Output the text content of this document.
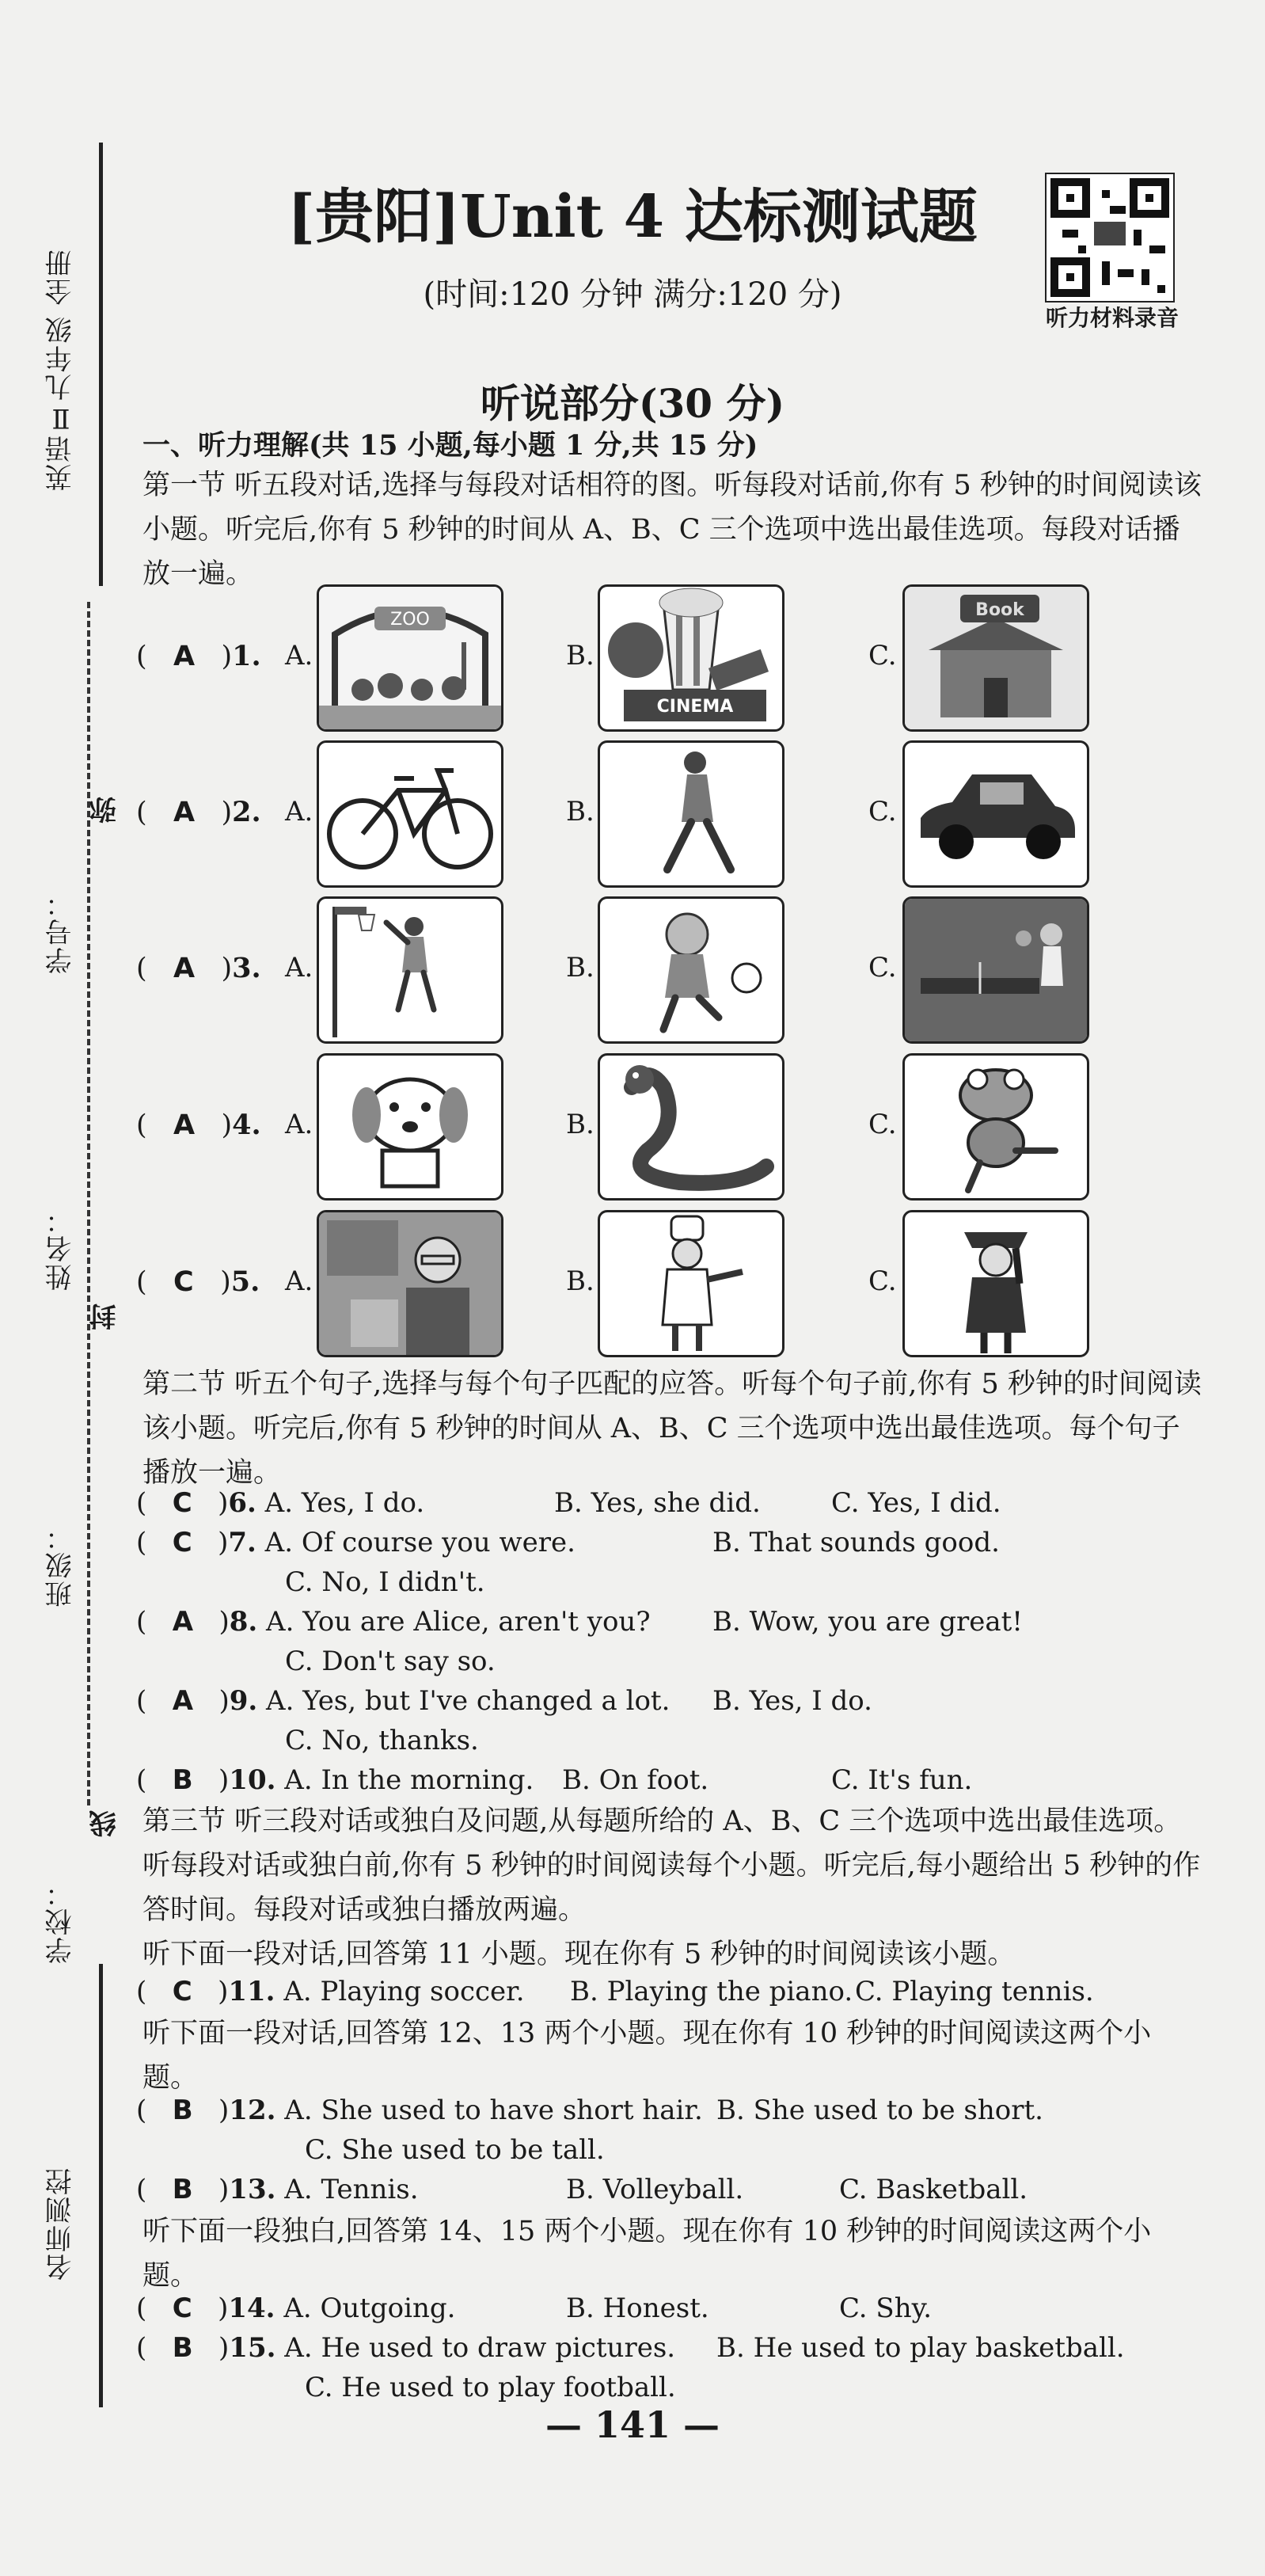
英语Ⅱ九年级 全册
学号：
姓名：
班级：
学校：
弥
封
线
名师测控
[贵阳]Unit 4 达标测试题
(时间:120 分钟 满分:120 分)
听力材料录音
听说部分(30 分)
一、听力理解(共 15 小题,每小题 1 分,共 15 分)
第一节 听五段对话,选择与每段对话相符的图。听每段对话前,你有 5 秒钟的时间阅读该小题。听完后,你有 5 秒钟的时间从 A、B、C 三个选项中选出最佳选项。每段对话播放一遍。
(   A   )1. A.
ZOO
B.
CINEMA
C.
Book
(   A   )2. A.	B.	C.
(   A   )3. A.	B.	C.
(   A   )4. A.	B.	C.
(   C   )5. A.	B.	C.
第二节 听五个句子,选择与每个句子匹配的应答。听每个句子前,你有 5 秒钟的时间阅读该小题。听完后,你有 5 秒钟的时间从 A、B、C 三个选项中选出最佳选项。每个句子播放一遍。
(   C   )6. A. Yes, I do.	B. Yes, she did.	C. Yes, I did.
(   C   )7. A. Of course you were.	B. That sounds good.
C. No, I didn't.
(   A   )8. A. You are Alice, aren't you? B. Wow, you are great!
C. Don't say so.
(   A   )9. A. Yes, but I've changed a lot. B. Yes, I do.
C. No, thanks.
(   B   )10. A. In the morning. B. On foot.	C. It's fun.
第三节 听三段对话或独白及问题,从每题所给的 A、B、C 三个选项中选出最佳选项。听每段对话或独白前,你有 5 秒钟的时间阅读每个小题。听完后,每小题给出 5 秒钟的作答时间。每段对话或独白播放两遍。
听下面一段对话,回答第 11 小题。现在你有 5 秒钟的时间阅读该小题。
(   C   )11. A. Playing soccer. B. Playing the piano. C. Playing tennis.
听下面一段对话,回答第 12、13 两个小题。现在你有 10 秒钟的时间阅读这两个小题。
(   B   )12. A. She used to have short hair. B. She used to be short.
C. She used to be tall.
(   B   )13. A. Tennis.	B. Volleyball.	C. Basketball.
听下面一段独白,回答第 14、15 两个小题。现在你有 10 秒钟的时间阅读这两个小题。
(   C   )14. A. Outgoing.	B. Honest.	C. Shy.
(   B   )15. A. He used to draw pictures. B. He used to play basketball.
C. He used to play football.
— 141 —
